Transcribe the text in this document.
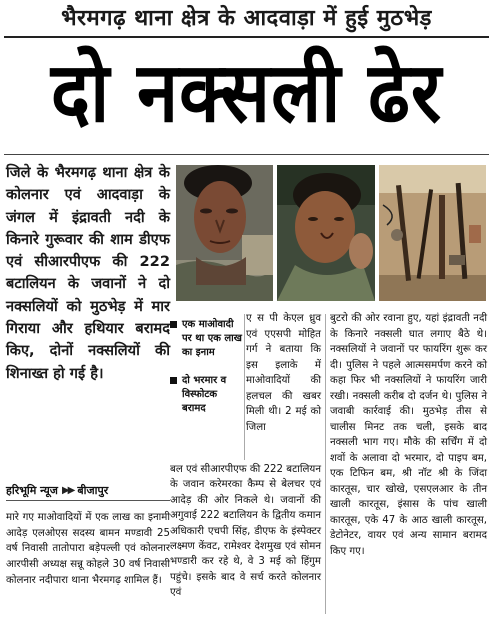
भैरमगढ़ थाना क्षेत्र के आदवाड़ा में हुई मुठभेड़
दो नक्सली ढेर

जिले के भैरमगढ़ थाना क्षेत्र के कोलनार एवं आदवाड़ा के जंगल में इंद्रावती नदी के किनारे गुरूवार की शाम डीएफ एवं सीआरपीएफ की 222 बटालियन के जवानों ने दो नक्सलियों को मुठभेड़ में मार गिराया और हथियार बरामद किए, दोनों नक्सलियों की शिनाख्त हो गई है।

हरिभूमि न्यूज ▶▶ बीजापुर
मारे गए माओवादियों में एक लाख का इनामी आदेड़ एलओएस सदस्य बामन मण्डावी 25 वर्ष निवासी तातोपारा बड़ेपल्ली एवं कोलनार आरपीसी अध्यक्ष सन्नू कोहले 30 वर्ष निवासी कोलनार नदीपारा थाना भैरमगढ़ शामिल हैं।
एक माओवादी पर था एक लाख का इनाम
दो भरमार व विस्फोटक बरामद

ए स पी केएल ध्रुव एवं एएसपी मोहित गर्ग ने बताया कि इस इलाके में माओवादियों की हलचल की खबर मिली थी। 2 मई को जिला

बल एवं सीआरपीएफ की 222 बटालियन के जवान करेमरका कैम्प से बेलचर एवं आदेड़ की ओर निकले थे। जवानों की अगुवाई 222 बटालियन के द्वितीय कमान अधिकारी एचपी सिंह, डीएफ के इंस्पेक्टर लक्ष्मण केंवट, रामेश्वर देशमुख एवं सोमन भण्डारी कर रहे थे, वे 3 मई को हिंगुम पहुंचे। इसके बाद वे सर्च करते कोलनार एवं
बुटरो की ओर रवाना हुए, यहां इंद्रावती नदी के किनारे नक्सली घात लगाए बैठे थे। नक्सलियों ने जवानों पर फायरिंग शुरू कर दी। पुलिस ने पहले आत्मसमर्पण करने को कहा फिर भी नक्सलियों ने फायरिंग जारी रखी। नक्सली करीब दो दर्जन थे। पुलिस ने जवाबी कार्रवाई की। मुठभेड़ तीस से चालीस मिनट तक चली, इसके बाद नक्सली भाग गए। मौके की सर्चिंग में दो शवों के अलावा दो भरमार, दो पाइप बम, एक टिफिन बम, श्री नॉट श्री के जिंदा कारतूस, चार खोखे, एसएलआर के तीन खाली कारतूस, इंसास के पांच खाली कारतूस, एके 47 के आठ खाली कारतूस, डेटोनेटर, वायर एवं अन्य सामान बरामद किए गए।
